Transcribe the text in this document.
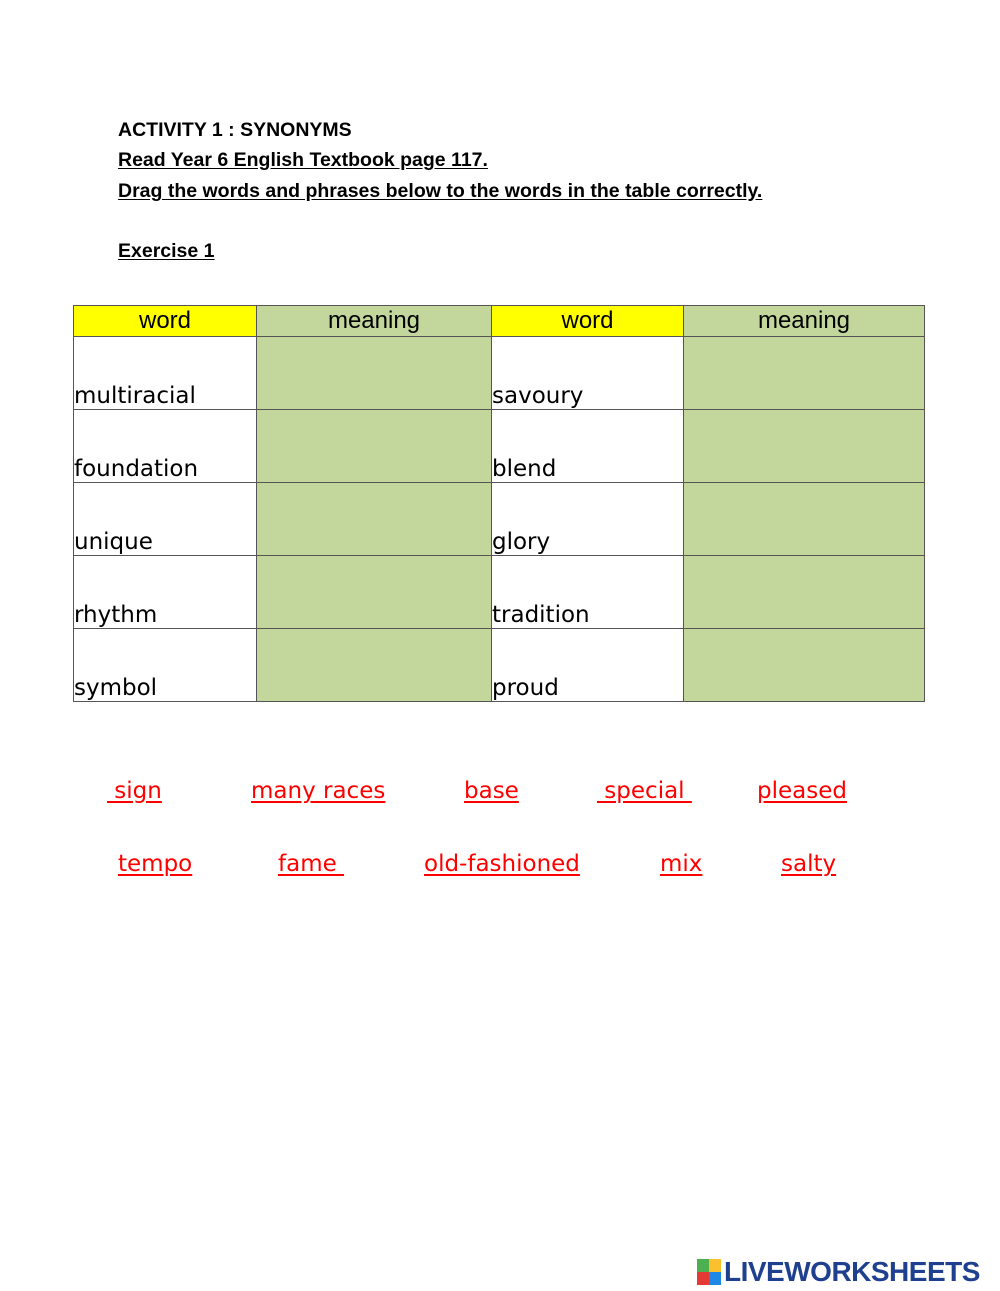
ACTIVITY 1 : SYNONYMS
Read Year 6 English Textbook page 117.
Drag the words and phrases below to the words in the table correctly.
Exercise 1
word	meaning	word	meaning
multiracial		savoury	
foundation		blend	
unique		glory	
rhythm		tradition	
symbol		proud	
sign	many races	base	special	pleased
tempo	fame	old-fashioned	mix	salty
LIVEWORKSHEETS
